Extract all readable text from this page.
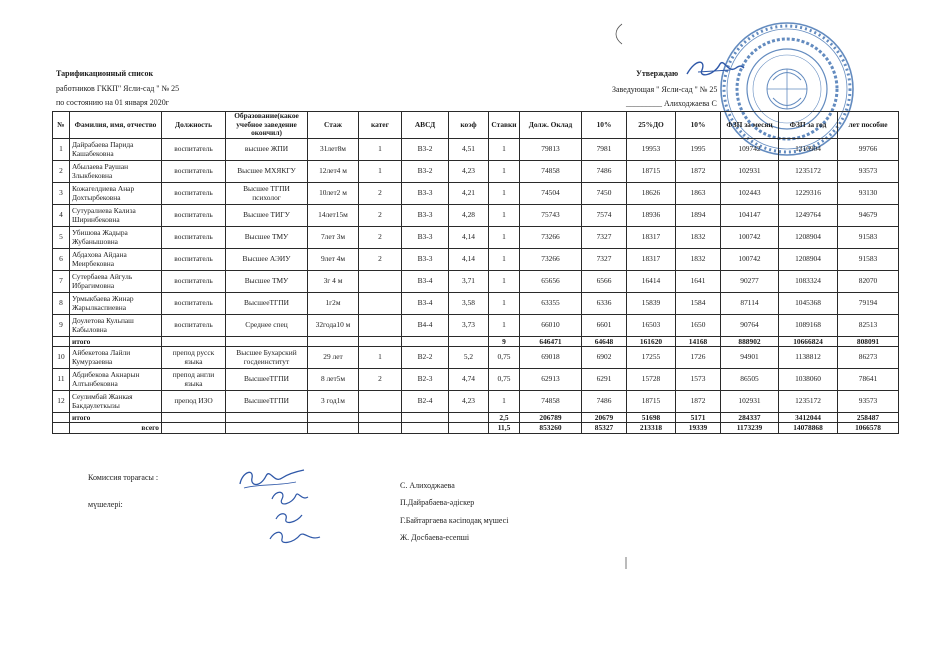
Тарификационный список
работников ГККП" Ясли-сад " № 25
по состоянию на 01 января 2020г
Утверждаю
Заведующая " Ясли-сад " № 25
_________ Алиходжаева С
№	Фамилия, имя, отчество	Должность	Образование(какое учебное заведение окончил)	Стаж	катег	АВСД	коэф	Ставки	Долж. Оклад	10%	25%ДО	10%	ФЗП за месяц	ФЗП за год	лет пособие
1	Дайрабаева Парида Кашабековна	воспитатель	высшее ЖПИ	31лет8м	1	В3-2	4,51	1	79813	7981	19953	1995	109742	1316904	99766
2	Абылаева Раушан Злыкбековна	воспитатель	Высшее МХЯКГУ	12лет4 м	1	В3-2	4,23	1	74858	7486	18715	1872	102931	1235172	93573
3	Кожагелдиева Анар Дохтырбековна	воспитатель	Высшее ТГПИ психолог	10лет2 м	2	В3-3	4,21	1	74504	7450	18626	1863	102443	1229316	93130
4	Сутуралиева Кализа Ширинбековна	воспитатель	Высшее ТИГУ	14лет15м	2	В3-3	4,28	1	75743	7574	18936	1894	104147	1249764	94679
5	Убишова Жадыра Жубанышовна	воспитатель	Высшее ТМУ	7лет 3м	2	В3-3	4,14	1	73266	7327	18317	1832	100742	1208904	91583
6	Абдахова Айдана Меирбековна	воспитатель	Высшее АЭИУ	9лет 4м	2	В3-3	4,14	1	73266	7327	18317	1832	100742	1208904	91583
7	Сутербаева Айгуль Ибрагимовна	воспитатель	Высшее ТМУ	3г 4 м		В3-4	3,71	1	65656	6566	16414	1641	90277	1083324	82070
8	Урмыкбаева Жинар Жарылкаспиевна	воспитатель	ВысшееТГПИ	1г2м		В3-4	3,58	1	63355	6336	15839	1584	87114	1045368	79194
9	Доулетова Кульпаш Кабыловна	воспитатель	Среднее спец	32года10 м		В4-4	3,73	1	66010	6601	16503	1650	90764	1089168	82513
	итого							9	646471	64648	161620	14168	888902	10666824	808091
10	Айбекетова Лайли Кумурзаевна	препод русск языка	Высшее Бухарский госдеинститут	29 лет	1	В2-2	5,2	0,75	69018	6902	17255	1726	94901	1138812	86273
11	Абдибекова Акнарын Алтынбековна	препод англи языка	ВысшееТГПИ	8 лет5м	2	В2-3	4,74	0,75	62913	6291	15728	1573	86505	1038060	78641
12	Сеулимбай Жанкая Бакдаулеткызы	препод ИЗО	ВысшееТГПИ	3 год1м		В2-4	4,23	1	74858	7486	18715	1872	102931	1235172	93573
	итого							2,5	206789	20679	51698	5171	284337	3412044	258487
	всего							11,5	853260	85327	213318	19339	1173239	14078868	1066578
Комиссия торағасы :
мүшелері:
С. Алиходжаева
П.Дайрабаева-әдіскер
Г.Байтаргаева кәсіподақ мүшесі
Ж. Досбаева-есепші
